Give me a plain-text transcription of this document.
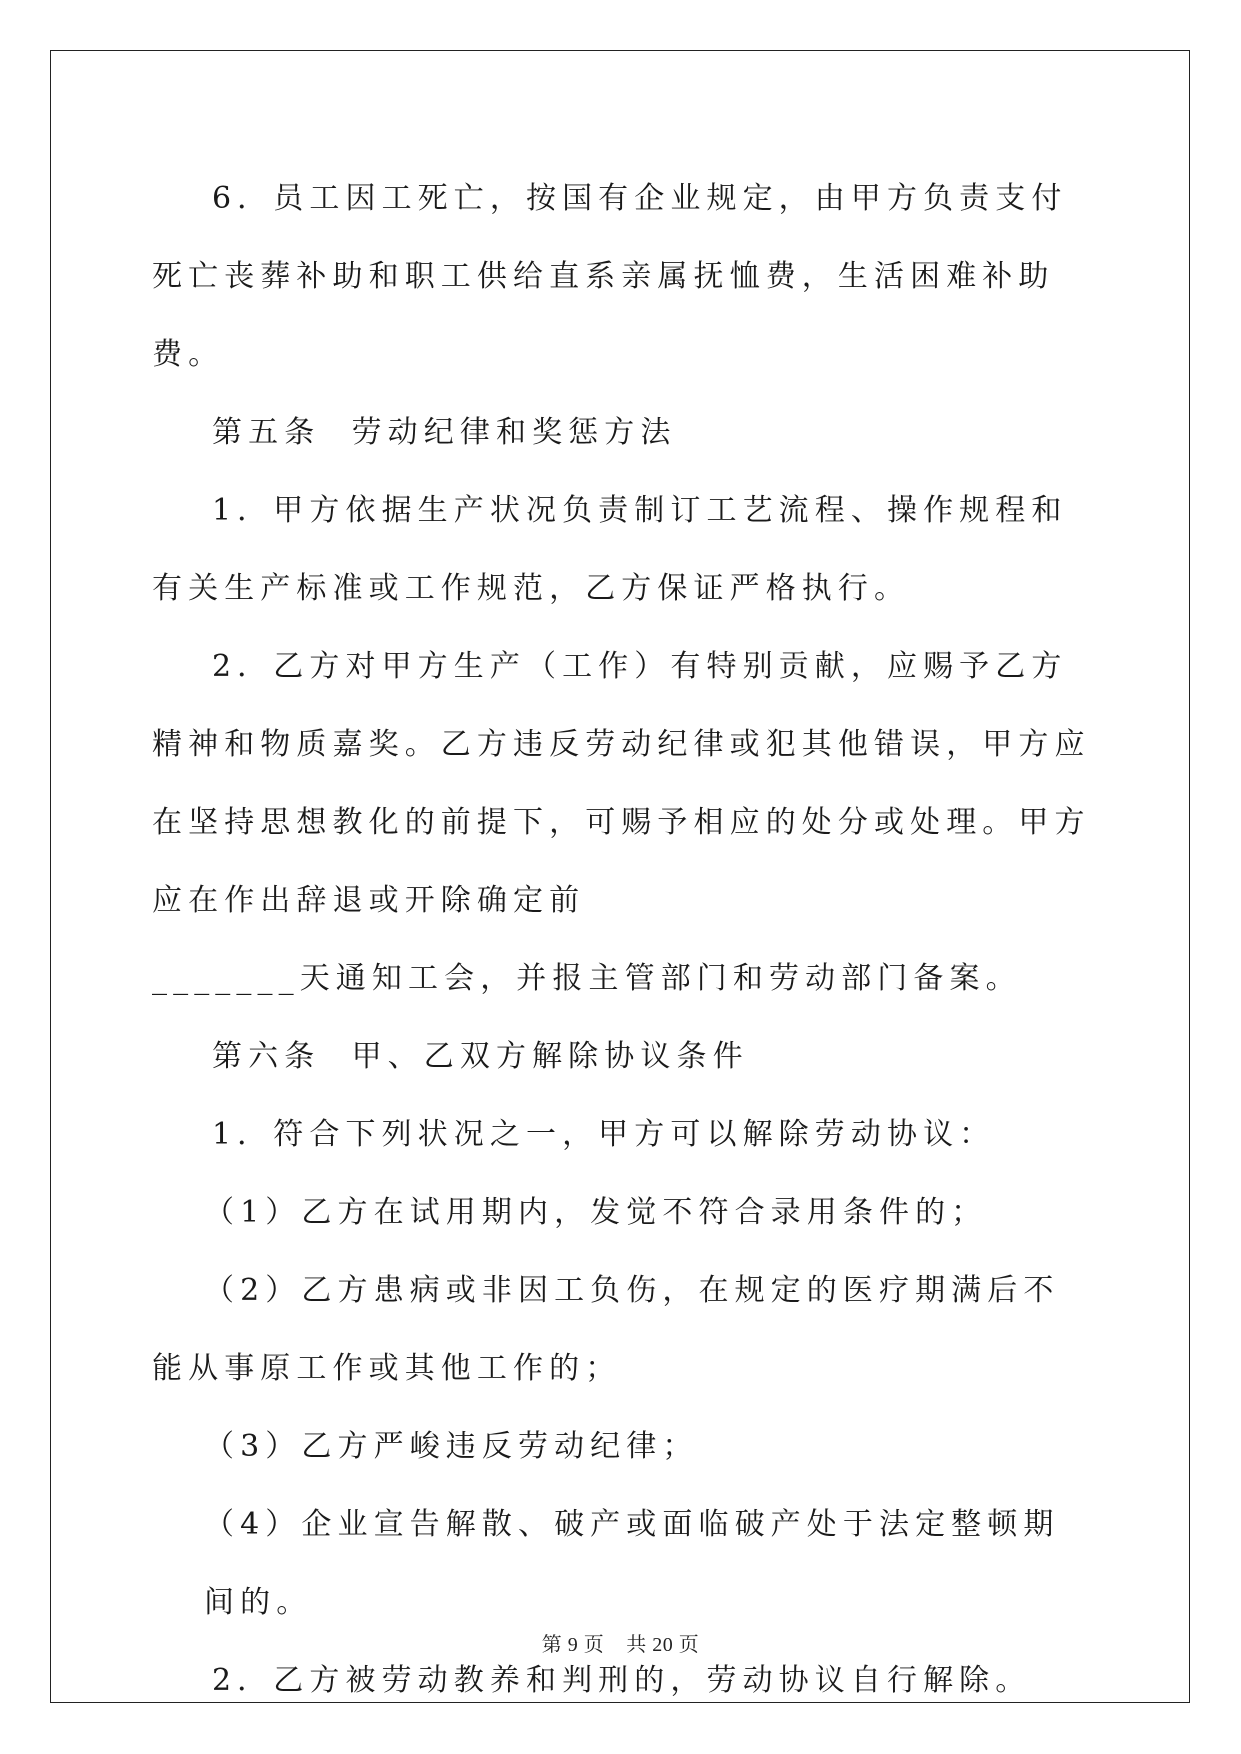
6．员工因工死亡，按国有企业规定，由甲方负责支付死亡丧葬补助和职工供给直系亲属抚恤费，生活困难补助费。

第五条  劳动纪律和奖惩方法

1．甲方依据生产状况负责制订工艺流程、操作规程和有关生产标准或工作规范，乙方保证严格执行。

2．乙方对甲方生产（工作）有特别贡献，应赐予乙方精神和物质嘉奖。乙方违反劳动纪律或犯其他错误，甲方应在坚持思想教化的前提下，可赐予相应的处分或处理。甲方应在作出辞退或开除确定前

_______天通知工会，并报主管部门和劳动部门备案。

第六条  甲、乙双方解除协议条件

1．符合下列状况之一，甲方可以解除劳动协议：

（1）乙方在试用期内，发觉不符合录用条件的；

（2）乙方患病或非因工负伤，在规定的医疗期满后不能从事原工作或其他工作的；

（3）乙方严峻违反劳动纪律；

（4）企业宣告解散、破产或面临破产处于法定整顿期间的。

2．乙方被劳动教养和判刑的，劳动协议自行解除。

第 9 页 共 20 页
